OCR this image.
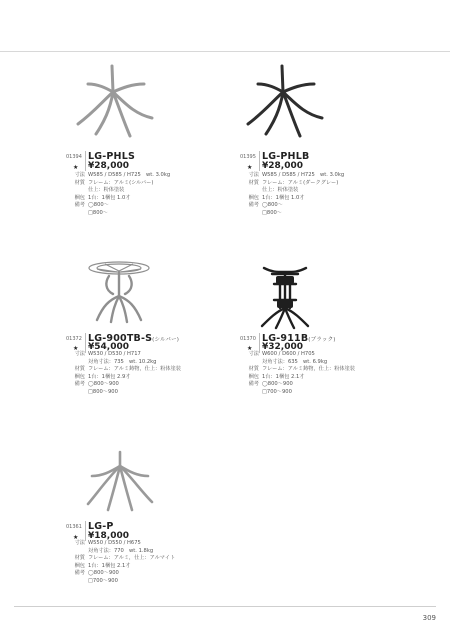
01394 LG-PHLS
★ ¥28,000
寸法 W585 / D585 / H725　wt. 3.0kg
材質 フレーム：アルミ(シルバー)
仕上：粉体塗装
梱包 1台：1梱包 1.0才
備考 ◯800〜
□800〜
01395 LG-PHLB
★ ¥28,000
寸法 W585 / D585 / H725　wt. 3.0kg
材質 フレーム：アルミ(ダークグレー)
仕上：粉体塗装
梱包 1台：1梱包 1.0才
備考 ◯800〜
□800〜
01372 LG-900TB-S(シルバー)
★ ¥54,000
寸法 W530 / D530 / H717
対角寸法：735　wt. 10.2kg
材質 フレーム：アルミ鋳物，仕上：粉体塗装
梱包 1台：1梱包 2.9才
備考 ◯800〜900
□800〜900
01370 LG-911B(ブラック)
★ ¥32,000
寸法 W600 / D600 / H705
対角寸法：635　wt. 6.9kg
材質 フレーム：アルミ鋳物，仕上：粉体塗装
梱包 1台：1梱包 2.1才
備考 ◯800〜900
□700〜900
01361 LG-P
★ ¥18,000
寸法 W550 / D550 / H675
対角寸法：770　wt. 1.8kg
材質 フレーム：アルミ，仕上：アルマイト
梱包 1台：1梱包 2.1才
備考 ◯800〜900
□700〜900
309
